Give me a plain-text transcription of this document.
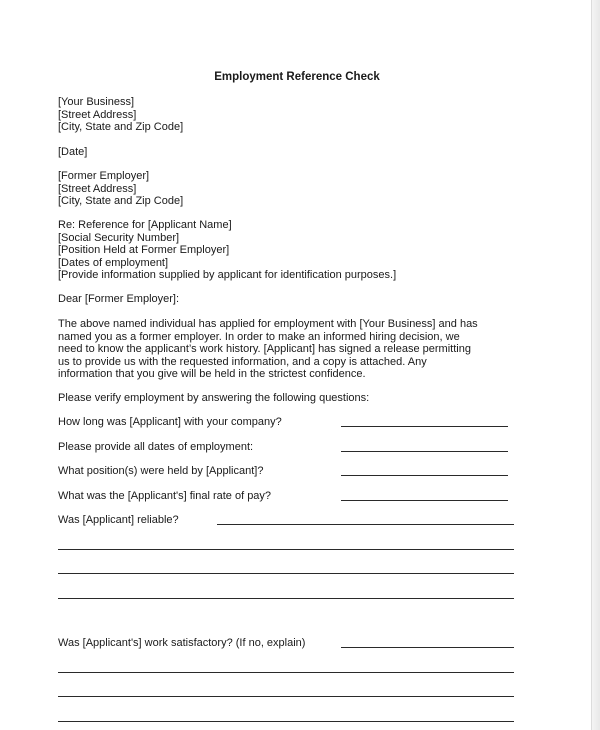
Employment Reference Check
[Your Business]
[Street Address]
[City, State and Zip Code]
[Date]
[Former Employer]
[Street Address]
[City, State and Zip Code]
Re: Reference for [Applicant Name]
[Social Security Number]
[Position Held at Former Employer]
[Dates of employment]
[Provide information supplied by applicant for identification purposes.]
Dear [Former Employer]:
The above named individual has applied for employment with [Your Business] and has
named you as a former employer. In order to make an informed hiring decision, we
need to know the applicant’s work history. [Applicant] has signed a release permitting
us to provide us with the requested information, and a copy is attached. Any
information that you give will be held in the strictest confidence.
Please verify employment by answering the following questions:
How long was [Applicant] with your company?
Please provide all dates of employment:
What position(s) were held by [Applicant]?
What was the [Applicant's] final rate of pay?
Was [Applicant] reliable?
Was [Applicant's] work satisfactory? (If no, explain)
